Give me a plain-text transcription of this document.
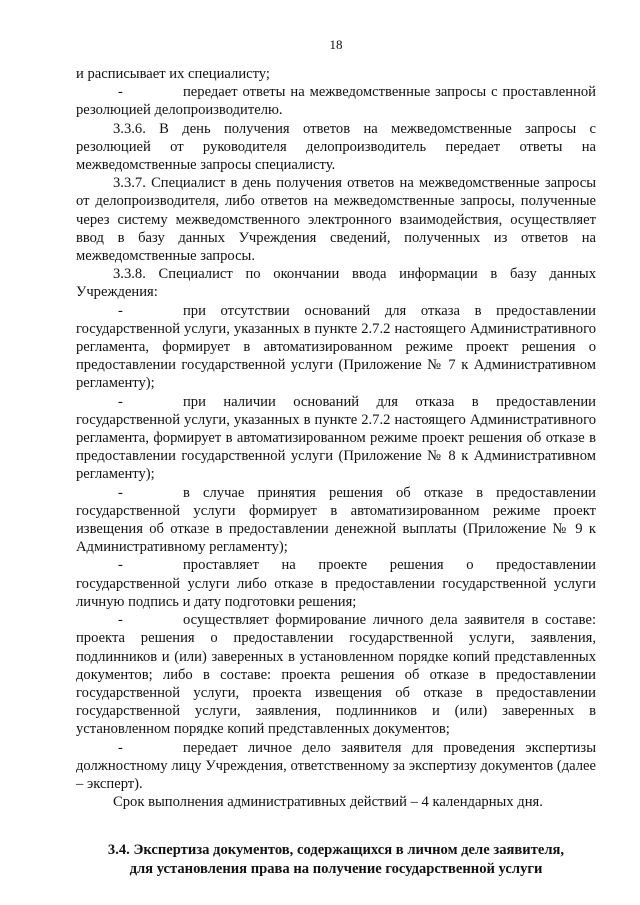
18

и расписывает их специалисту;

-	передает ответы на межведомственные запросы с проставленной резолюцией делопроизводителю.

3.3.6. В день получения ответов на межведомственные запросы с резолюцией от руководителя делопроизводитель передает ответы на межведомственные запросы специалисту.

3.3.7. Специалист в день получения ответов на межведомственные запросы от делопроизводителя, либо ответов на межведомственные запросы, полученные через систему межведомственного электронного взаимодействия, осуществляет ввод в базу данных Учреждения сведений, полученных из ответов на межведомственные запросы.

3.3.8. Специалист по окончании ввода информации в базу данных Учреждения:

-	при отсутствии оснований для отказа в предоставлении государственной услуги, указанных в пункте 2.7.2 настоящего Административного регламента, формирует в автоматизированном режиме проект решения о предоставлении государственной услуги (Приложение № 7 к Административном регламенту);

-	при наличии оснований для отказа в предоставлении государственной услуги, указанных в пункте 2.7.2 настоящего Административного регламента, формирует в автоматизированном режиме проект решения об отказе в предоставлении государственной услуги (Приложение № 8 к Административном регламенту);

-	в случае принятия решения об отказе в предоставлении государственной услуги формирует в автоматизированном режиме проект извещения об отказе в предоставлении денежной выплаты (Приложение № 9 к Административному регламенту);

-	проставляет на проекте решения о предоставлении государственной услуги либо отказе в предоставлении государственной услуги личную подпись и дату подготовки решения;

-	осуществляет формирование личного дела заявителя в составе: проекта решения о предоставлении государственной услуги, заявления, подлинников и (или) заверенных в установленном порядке копий представленных документов; либо в составе: проекта решения об отказе в предоставлении государственной услуги, проекта извещения об отказе в предоставлении государственной услуги, заявления, подлинников и (или) заверенных в установленном порядке копий представленных документов;

-	передает личное дело заявителя для проведения экспертизы должностному лицу Учреждения, ответственному за экспертизу документов (далее – эксперт).

Срок выполнения административных действий – 4 календарных дня.

3.4. Экспертиза документов, содержащихся в личном деле заявителя,
для установления права на получение государственной услуги
